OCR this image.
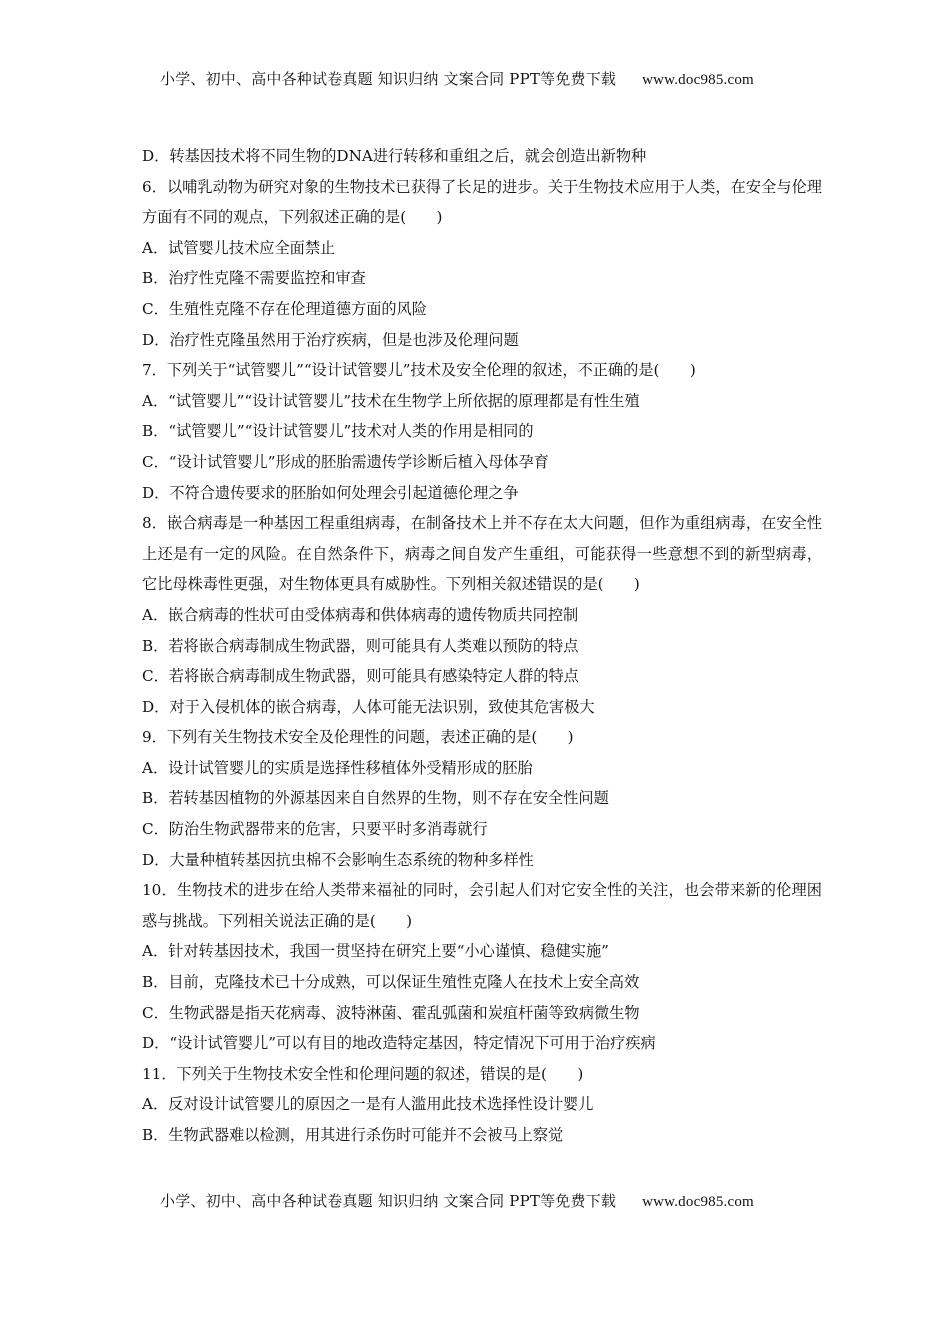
小学、初中、高中各种试卷真题 知识归纳 文案合同 PPT等免费下载 www.doc985.com
D．转基因技术将不同生物的DNA进行转移和重组之后，就会创造出新物种
6．以哺乳动物为研究对象的生物技术已获得了长足的进步。关于生物技术应用于人类，在安全与伦理方面有不同的观点，下列叙述正确的是(　　)
A．试管婴儿技术应全面禁止
B．治疗性克隆不需要监控和审查
C．生殖性克隆不存在伦理道德方面的风险
D．治疗性克隆虽然用于治疗疾病，但是也涉及伦理问题
7．下列关于“试管婴儿”“设计试管婴儿”技术及安全伦理的叙述，不正确的是(　　)
A．“试管婴儿”“设计试管婴儿”技术在生物学上所依据的原理都是有性生殖
B．“试管婴儿”“设计试管婴儿”技术对人类的作用是相同的
C．“设计试管婴儿”形成的胚胎需遗传学诊断后植入母体孕育
D．不符合遗传要求的胚胎如何处理会引起道德伦理之争
8．嵌合病毒是一种基因工程重组病毒，在制备技术上并不存在太大问题，但作为重组病毒，在安全性上还是有一定的风险。在自然条件下，病毒之间自发产生重组，可能获得一些意想不到的新型病毒，它比母株毒性更强，对生物体更具有威胁性。下列相关叙述错误的是(　　)
A．嵌合病毒的性状可由受体病毒和供体病毒的遗传物质共同控制
B．若将嵌合病毒制成生物武器，则可能具有人类难以预防的特点
C．若将嵌合病毒制成生物武器，则可能具有感染特定人群的特点
D．对于入侵机体的嵌合病毒，人体可能无法识别，致使其危害极大
9．下列有关生物技术安全及伦理性的问题，表述正确的是(　　)
A．设计试管婴儿的实质是选择性移植体外受精形成的胚胎
B．若转基因植物的外源基因来自自然界的生物，则不存在安全性问题
C．防治生物武器带来的危害，只要平时多消毒就行
D．大量种植转基因抗虫棉不会影响生态系统的物种多样性
10．生物技术的进步在给人类带来福祉的同时，会引起人们对它安全性的关注，也会带来新的伦理困惑与挑战。下列相关说法正确的是(　　)
A．针对转基因技术，我国一贯坚持在研究上要“小心谨慎、稳健实施”
B．目前，克隆技术已十分成熟，可以保证生殖性克隆人在技术上安全高效
C．生物武器是指天花病毒、波特淋菌、霍乱弧菌和炭疽杆菌等致病微生物
D．“设计试管婴儿”可以有目的地改造特定基因，特定情况下可用于治疗疾病
11．下列关于生物技术安全性和伦理问题的叙述，错误的是(　　)
A．反对设计试管婴儿的原因之一是有人滥用此技术选择性设计婴儿
B．生物武器难以检测，用其进行杀伤时可能并不会被马上察觉
小学、初中、高中各种试卷真题 知识归纳 文案合同 PPT等免费下载 www.doc985.com
